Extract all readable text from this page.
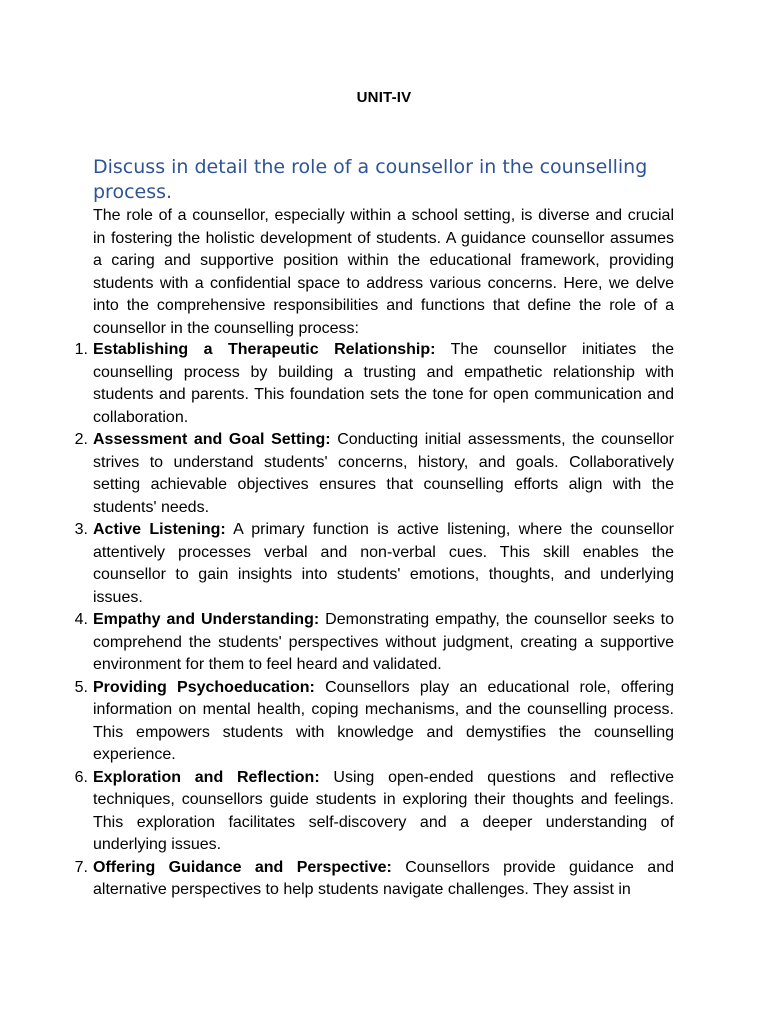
UNIT-IV
Discuss in detail the role of a counsellor in the counselling process.

The role of a counsellor, especially within a school setting, is diverse and crucial in fostering the holistic development of students. A guidance counsellor assumes a caring and supportive position within the educational framework, providing students with a confidential space to address various concerns. Here, we delve into the comprehensive responsibilities and functions that define the role of a counsellor in the counselling process:

1. Establishing a Therapeutic Relationship: The counsellor initiates the counselling process by building a trusting and empathetic relationship with students and parents. This foundation sets the tone for open communication and collaboration.
2. Assessment and Goal Setting: Conducting initial assessments, the counsellor strives to understand students' concerns, history, and goals. Collaboratively setting achievable objectives ensures that counselling efforts align with the students' needs.
3. Active Listening: A primary function is active listening, where the counsellor attentively processes verbal and non-verbal cues. This skill enables the counsellor to gain insights into students' emotions, thoughts, and underlying issues.
4. Empathy and Understanding: Demonstrating empathy, the counsellor seeks to comprehend the students' perspectives without judgment, creating a supportive environment for them to feel heard and validated.
5. Providing Psychoeducation: Counsellors play an educational role, offering information on mental health, coping mechanisms, and the counselling process. This empowers students with knowledge and demystifies the counselling experience.
6. Exploration and Reflection: Using open-ended questions and reflective techniques, counsellors guide students in exploring their thoughts and feelings. This exploration facilitates self-discovery and a deeper understanding of underlying issues.
7. Offering Guidance and Perspective: Counsellors provide guidance and alternative perspectives to help students navigate challenges. They assist in
